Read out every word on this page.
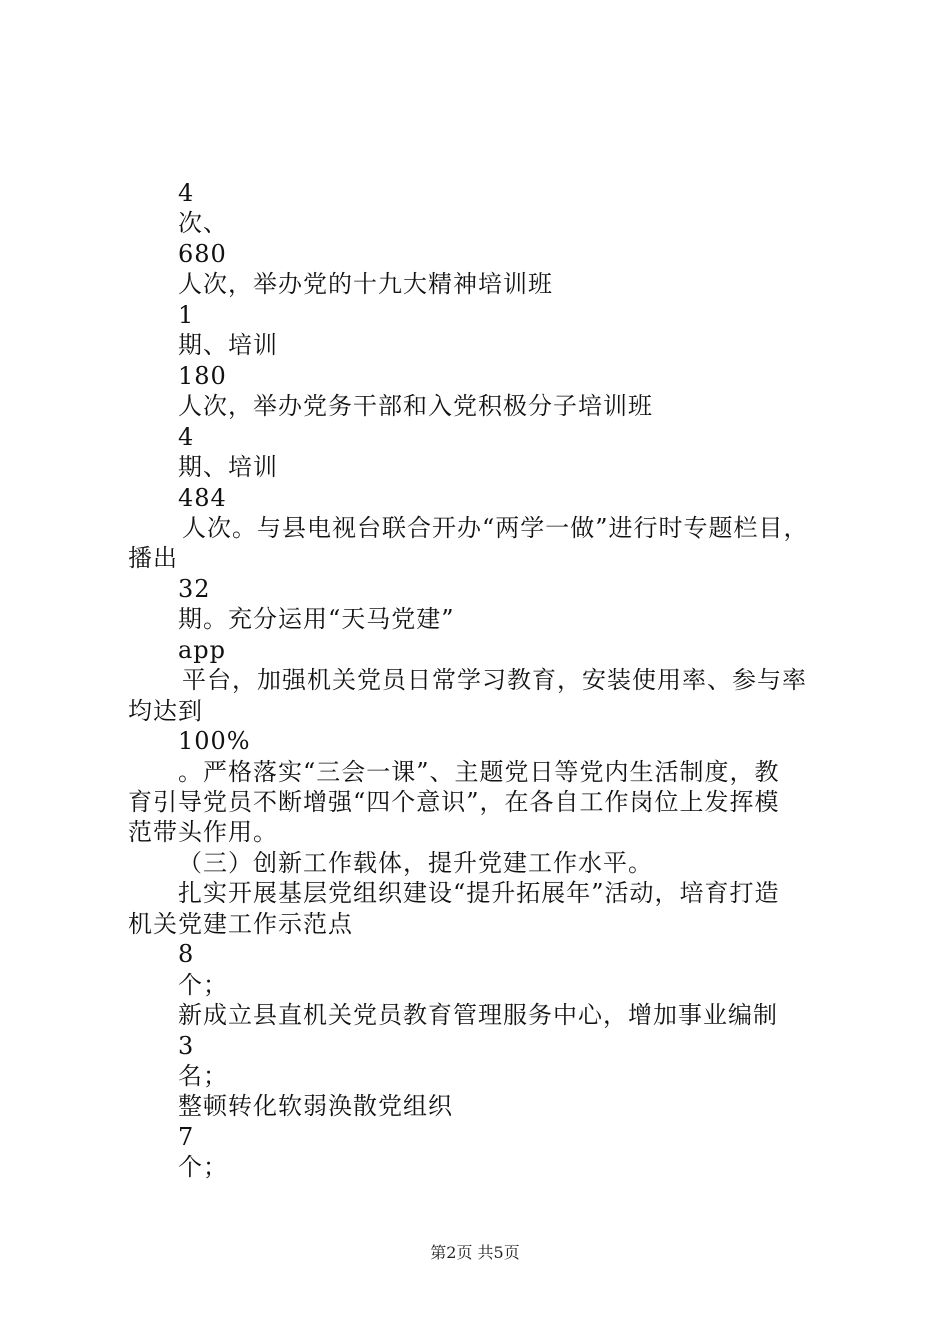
4
次、
680
人次，举办党的十九大精神培训班
1
期、培训
180
人次，举办党务干部和入党积极分子培训班
4
期、培训
484
人次。与县电视台联合开办“两学一做”进行时专题栏目，
播出
32
期。充分运用“天马党建”
app
平台，加强机关党员日常学习教育，安装使用率、参与率
均达到
100%
。严格落实“三会一课”、主题党日等党内生活制度，教
育引导党员不断增强“四个意识”，在各自工作岗位上发挥模
范带头作用。
（三）创新工作载体，提升党建工作水平。
扎实开展基层党组织建设“提升拓展年”活动，培育打造
机关党建工作示范点
8
个；
新成立县直机关党员教育管理服务中心，增加事业编制
3
名；
整顿转化软弱涣散党组织
7
个；
第2页 共5页
